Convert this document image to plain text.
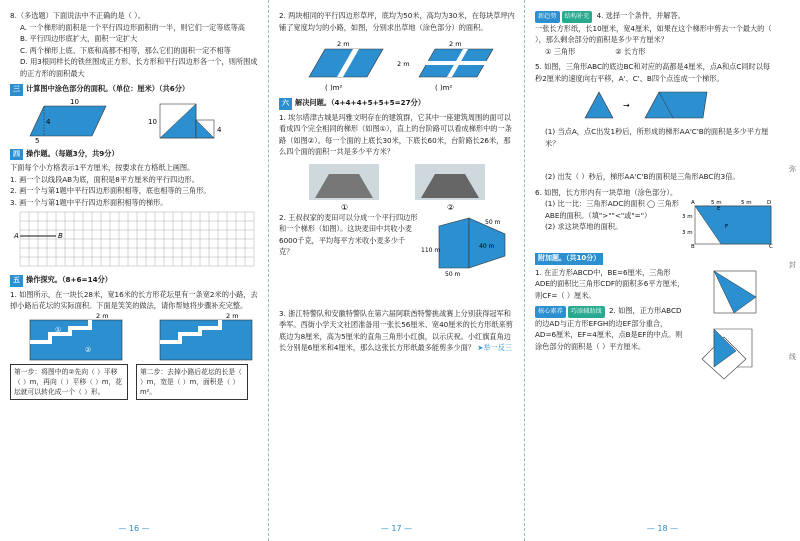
8.（多选题）下面说法中不正确的是（ ）。
A. 一个梯形的面积是一个平行四边形面积的一半，则它们一定等底等高
B. 平行四边形底扩大，面积一定扩大
C. 两个梯形上底、下底和高都不相等，那么它们的面积一定不相等
D. 用3根同样长的铁丝围成正方形、长方形和平行四边形各一个，则所围成的正方形的面积最大
三 计算图中涂色部分的面积。（单位：厘米）（共6分）
10
4
5
10
4
四 操作题。（每题3分，共9分）
下面每个小方格表示1平方厘米，按要求在方格纸上画图。
1. 画一个以线段AB为底，面积是8平方厘米的平行四边形。
2. 画一个与第1题中平行四边形面积相等，底也相等的三角形。
3. 画一个与第1题中平行四边形面积相等的梯形。
A	B
五 操作探究。（8+6=14分）
1. 如图所示，在一块长28米，宽16米的长方形花坛里有一条宽2米的小路，去掉小路后花坛的实际面积。下面是笑笑的做法，请你帮她将步骤补充完整。
2 m
①
②
2 m
第一步：将图中的②先向（ ）平移（ ）m，再向（ ）平移（ ）m，花坛就可以转化成一个（ ）形。
第二步：去掉小路后花坛的长是（ ）m，宽是（ ）m，面积是（ ）m²。
— 16 —
2. 两块相同的平行四边形草坪，底均为50米，高均为30米，在每块草坪内铺了宽度均匀的小路，如图，分别求出草地（涂色部分）的面积。
2 m	2 m
2 m
( )m²	( )m²
六 解决问题。（4+4+4+5+5+5=27分）
1. 埃尔塔津古城是玛雅文明存在的建筑群，它其中一座建筑周围的面可以看成四个完全相同的梯形（如图①），直上的台阶路可以看成梯形中的一条路（如图②）。每一个面的上底长30米，下底长60米，台阶路长26米，那么四个面的面积一共是多少平方米？
①	②
2. 王叔叔家的麦田可以分成一个平行四边形和一个梯形（如图）。这块麦田中共收小麦6000千克，平均每平方米收小麦多少千克？	110 m
40 m
50 m
50 m
3. 浙江特警队和安徽特警队在第六届阿联酋特警挑战赛上分别获得冠军和季军。西街小学天文社团准备用一张长56厘米、宽40厘米的长方形纸来剪底边为8厘米，高为5厘米的直角三角形小红旗，以示庆祝。小红旗直角边长分别是6厘米和4厘米，那么这张长方形纸最多能剪多少面？ ➤举一反三
— 17 —
新趋势 结构补充 4. 选择一个条件，并解答。
一张长方形纸，长10厘米，宽4厘米，如果在这个梯形中剪去一个最大的（ ），那么剩余部分的面积是多少平方厘米？
① 三角形	② 长方形
5. 如图，三角形ABC的底边BC和对应的高都是4厘米，点A和点C同时以每秒2厘米的速度向右平移，A'、C'、B四个点连成一个梯形。
→
(1) 当点A，点C出发1秒后，所形成的梯形AA'C'B的面积是多少平方厘米？
(2) 出发（ ）秒后，梯形AA'C'B的面积是三角形ABC的3倍。
6. 如图，长方形内有一块草地（涂色部分）。
(1) 比一比：三角形ADC的面积 ◯ 三角形ABE的面积。（填">""<"或"="）
(2) 求这块草地的面积。
5 m	5 m
3 m
3 m
A	D
E
F
B	C
附加题。（共10分）
1. 在正方形ABCD中，BE=6厘米，三角形ADE的面积比三角形CDF的面积多6平方厘米，则CF=（ ）厘米。
核心素养 巧添辅助线 2. 如图，正方形ABCD的边AD与正方形EFGH的边EF部分重合，AD=6厘米，EF=4厘米，点B是EF的中点。则涂色部分的面积是（ ）平方厘米。
弥
封
线
— 18 —
